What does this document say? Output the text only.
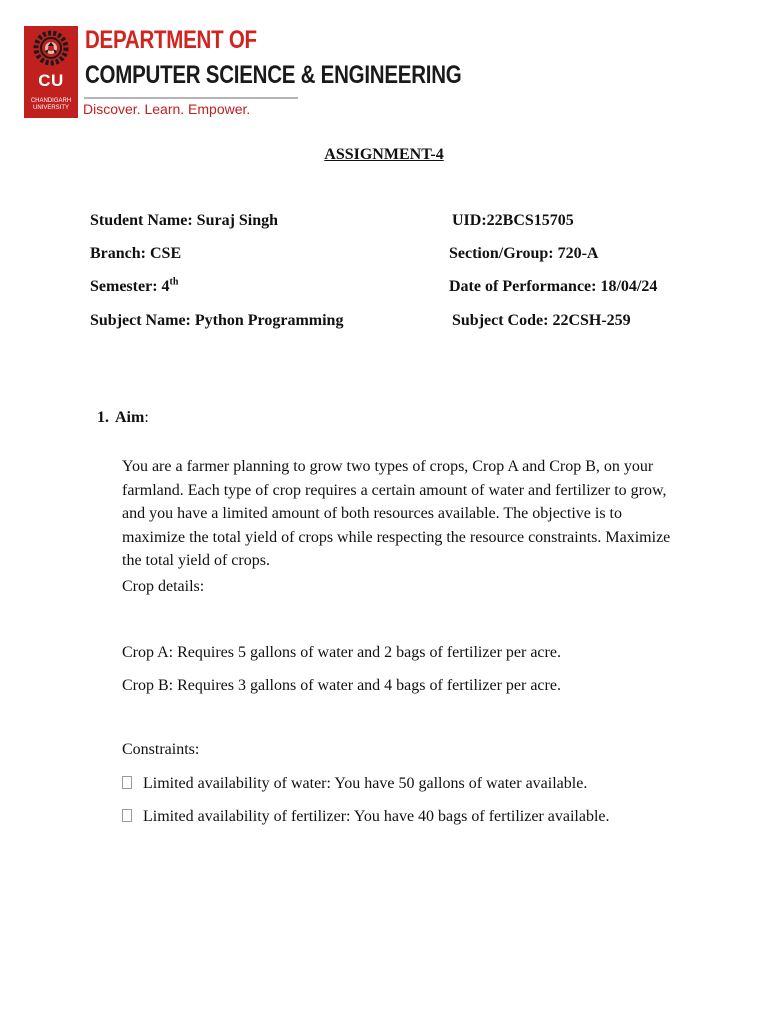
CU
CHANDIGARH UNIVERSITY
DEPARTMENT OF
COMPUTER SCIENCE & ENGINEERING
Discover. Learn. Empower.
ASSIGNMENT-4
Student Name: Suraj Singh	UID:22BCS15705
Branch: CSE	Section/Group: 720-A
Semester: 4th	Date of Performance: 18/04/24
Subject Name: Python Programming	Subject Code: 22CSH-259
1. Aim:
You are a farmer planning to grow two types of crops, Crop A and Crop B, on your farmland. Each type of crop requires a certain amount of water and fertilizer to grow, and you have a limited amount of both resources available. The objective is to maximize the total yield of crops while respecting the resource constraints. Maximize the total yield of crops.
Crop details:
Crop A: Requires 5 gallons of water and 2 bags of fertilizer per acre.
Crop B: Requires 3 gallons of water and 4 bags of fertilizer per acre.
Constraints:
Limited availability of water: You have 50 gallons of water available.
Limited availability of fertilizer: You have 40 bags of fertilizer available.
